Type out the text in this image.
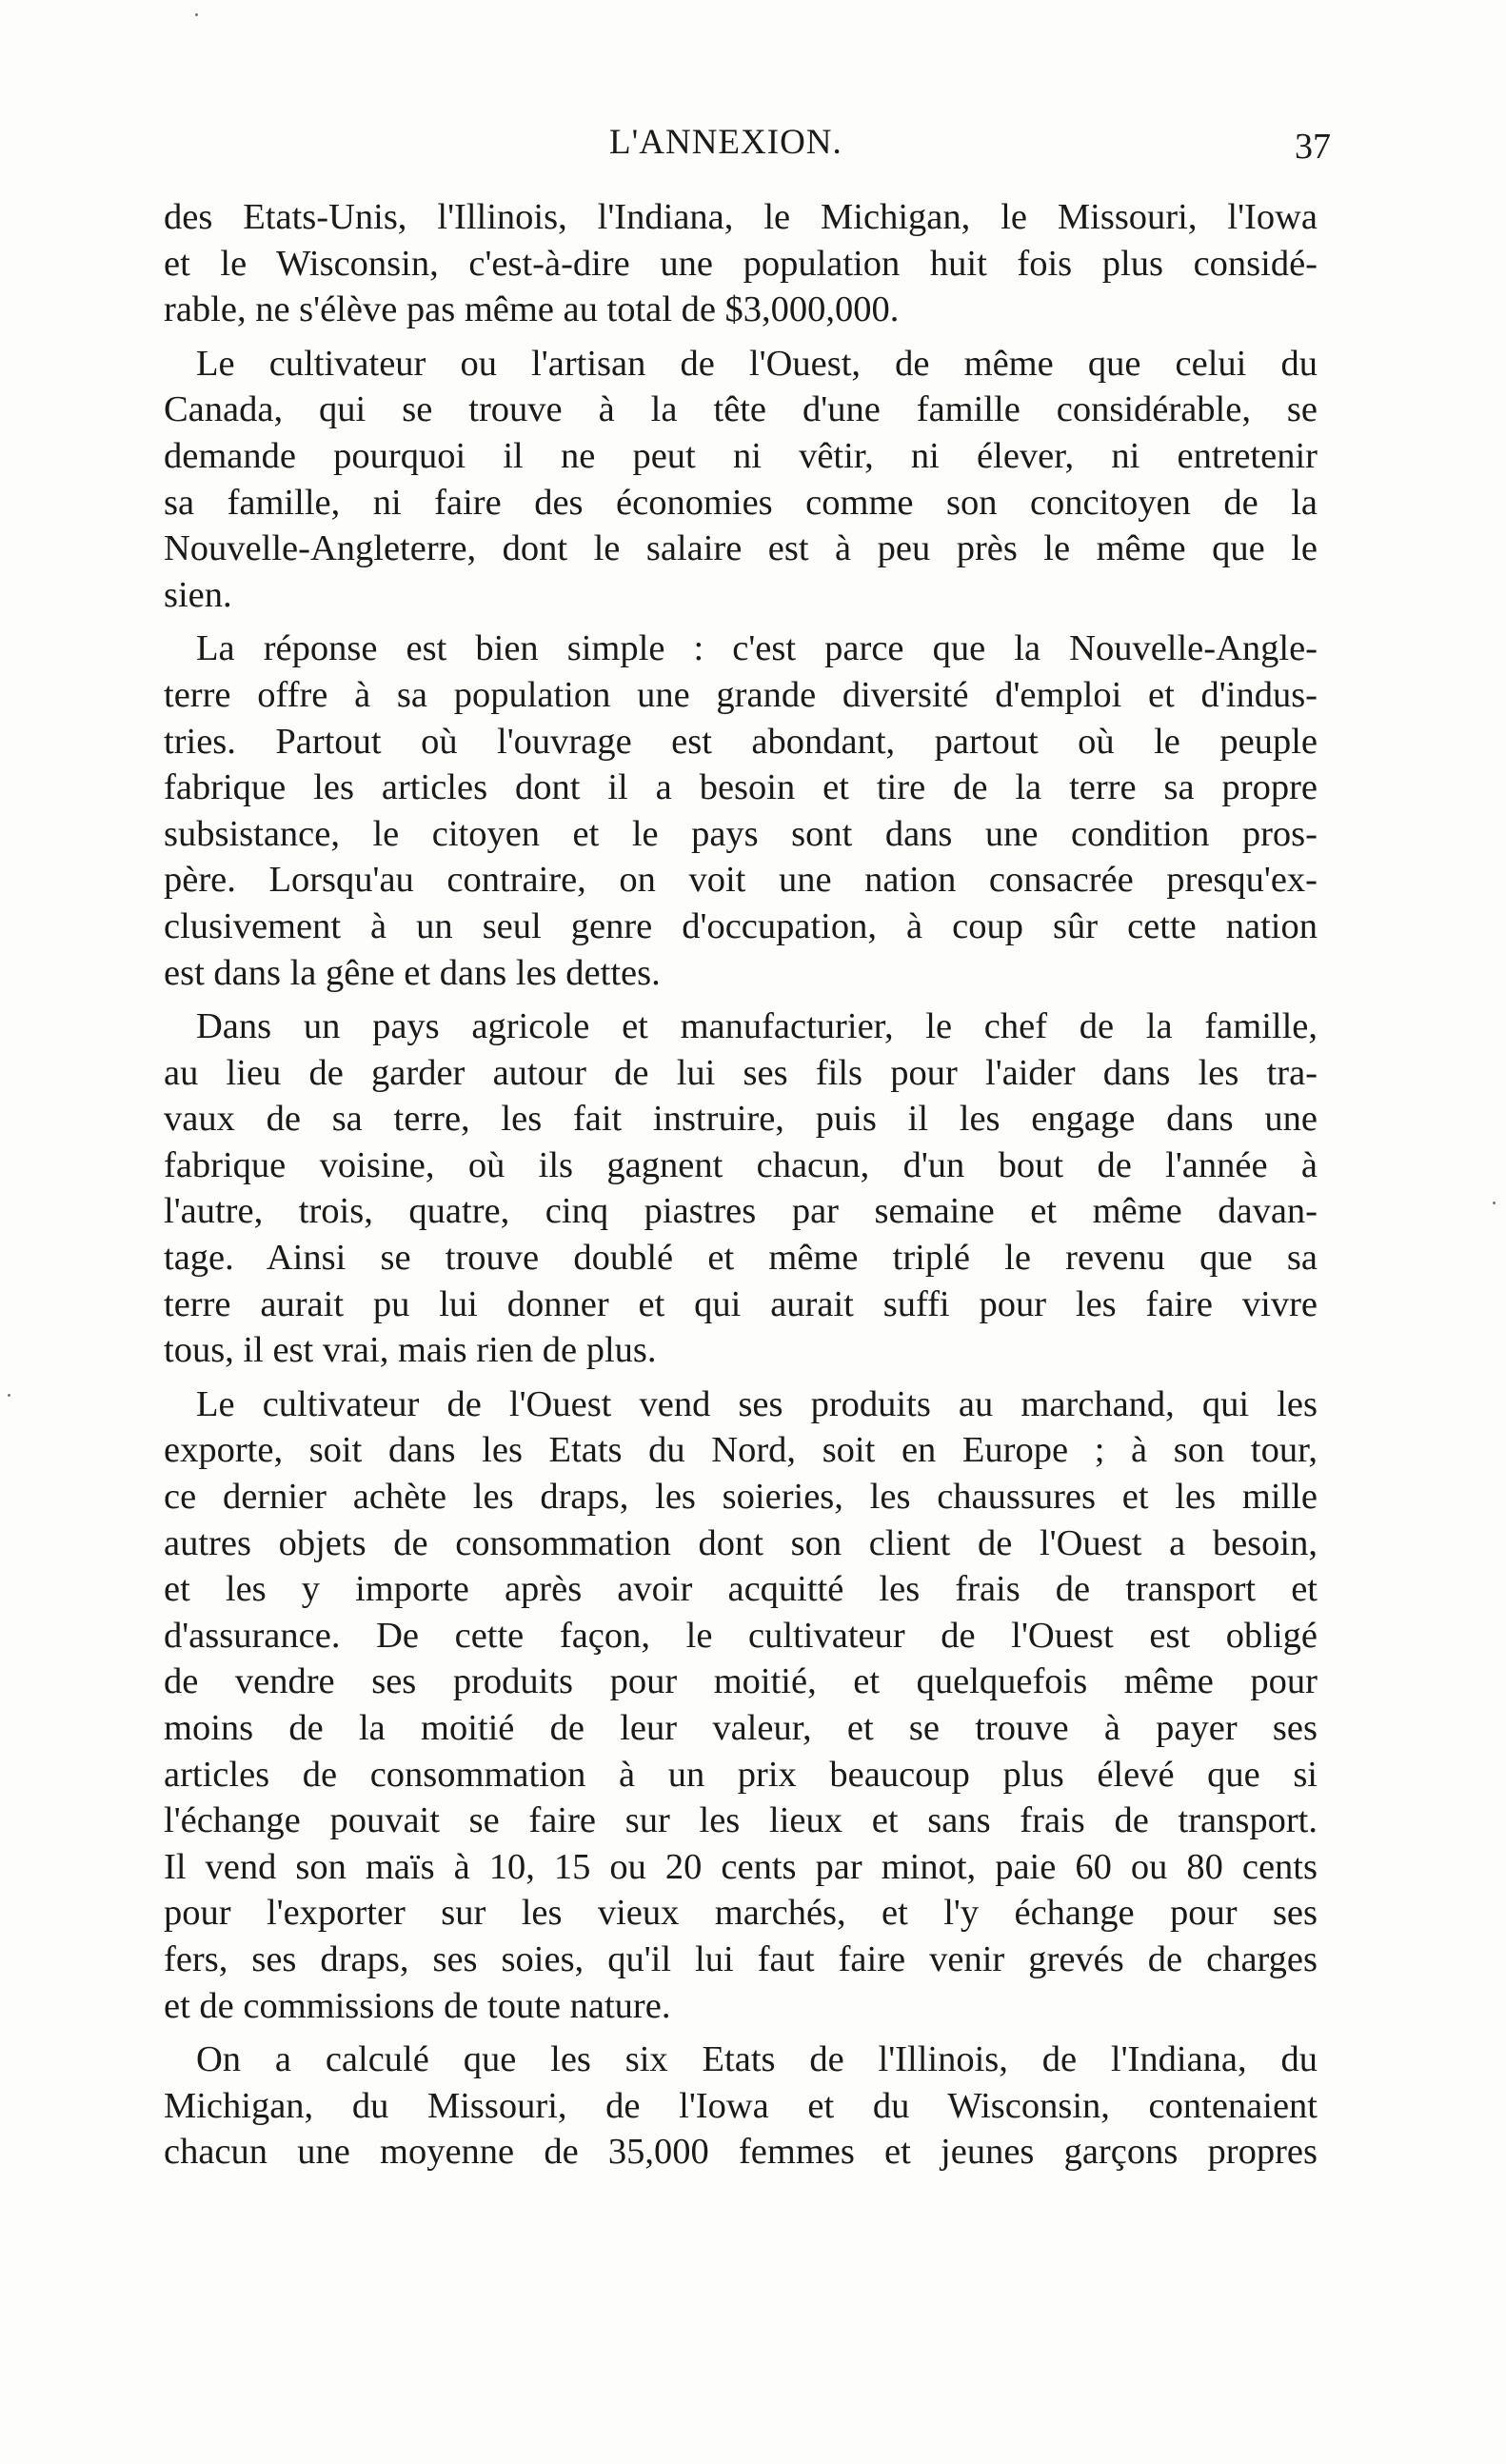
L'ANNEXION.	37
des Etats-Unis, l'Illinois, l'Indiana, le Michigan, le Missouri, l'Iowa
et le Wisconsin, c'est-à-dire une population huit fois plus considé-
rable, ne s'élève pas même au total de $3,000,000.
Le cultivateur ou l'artisan de l'Ouest, de même que celui du
Canada, qui se trouve à la tête d'une famille considérable, se
demande pourquoi il ne peut ni vêtir, ni élever, ni entretenir
sa famille, ni faire des économies comme son concitoyen de la
Nouvelle-Angleterre, dont le salaire est à peu près le même que le
sien.
La réponse est bien simple : c'est parce que la Nouvelle-Angle-
terre offre à sa population une grande diversité d'emploi et d'indus-
tries. Partout où l'ouvrage est abondant, partout où le peuple
fabrique les articles dont il a besoin et tire de la terre sa propre
subsistance, le citoyen et le pays sont dans une condition pros-
père. Lorsqu'au contraire, on voit une nation consacrée presqu'ex-
clusivement à un seul genre d'occupation, à coup sûr cette nation
est dans la gêne et dans les dettes.
Dans un pays agricole et manufacturier, le chef de la famille,
au lieu de garder autour de lui ses fils pour l'aider dans les tra-
vaux de sa terre, les fait instruire, puis il les engage dans une
fabrique voisine, où ils gagnent chacun, d'un bout de l'année à
l'autre, trois, quatre, cinq piastres par semaine et même davan-
tage. Ainsi se trouve doublé et même triplé le revenu que sa
terre aurait pu lui donner et qui aurait suffi pour les faire vivre
tous, il est vrai, mais rien de plus.
Le cultivateur de l'Ouest vend ses produits au marchand, qui les
exporte, soit dans les Etats du Nord, soit en Europe ; à son tour,
ce dernier achète les draps, les soieries, les chaussures et les mille
autres objets de consommation dont son client de l'Ouest a besoin,
et les y importe après avoir acquitté les frais de transport et
d'assurance. De cette façon, le cultivateur de l'Ouest est obligé
de vendre ses produits pour moitié, et quelquefois même pour
moins de la moitié de leur valeur, et se trouve à payer ses
articles de consommation à un prix beaucoup plus élevé que si
l'échange pouvait se faire sur les lieux et sans frais de transport.
Il vend son maïs à 10, 15 ou 20 cents par minot, paie 60 ou 80 cents
pour l'exporter sur les vieux marchés, et l'y échange pour ses
fers, ses draps, ses soies, qu'il lui faut faire venir grevés de charges
et de commissions de toute nature.
On a calculé que les six Etats de l'Illinois, de l'Indiana, du
Michigan, du Missouri, de l'Iowa et du Wisconsin, contenaient
chacun une moyenne de 35,000 femmes et jeunes garçons propres
